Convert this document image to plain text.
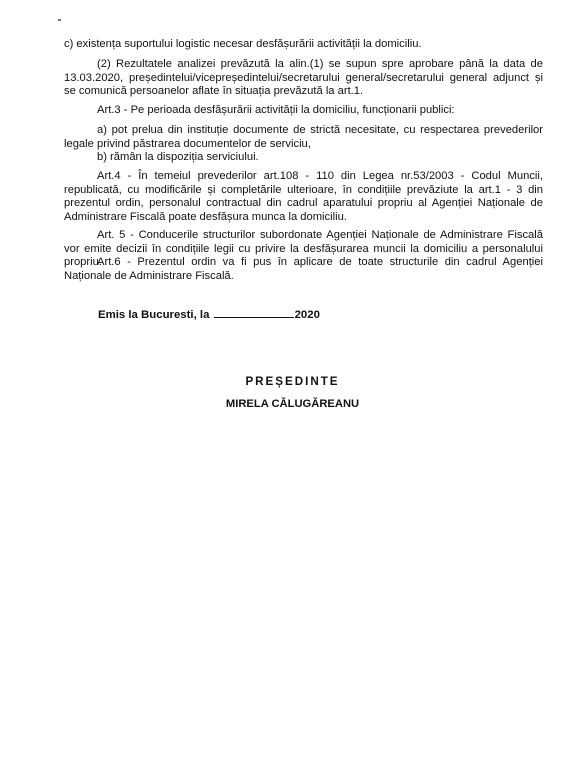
c) existența suportului logistic necesar desfășurării activității la domiciliu.

(2) Rezultatele analizei prevăzută la alin.(1) se supun spre aprobare până la data de 13.03.2020, președintelui/vicepreședintelui/secretarului general/secretarului general adjunct și se comunică persoanelor aflate în situația prevăzută la art.1.

Art.3 - Pe perioada desfășurării activității la domiciliu, funcționarii publici:

a) pot prelua din instituție documente de strictă necesitate, cu respectarea prevederilor legale privind păstrarea documentelor de serviciu,

b) rămân la dispoziția serviciului.

Art.4 - În temeiul prevederilor art.108 - 110 din Legea nr.53/2003 - Codul Muncii, republicată, cu modificările și completările ulterioare, în condițiile prevăziute la art.1 - 3 din prezentul ordin, personalul contractual din cadrul aparatului propriu al Agenției Naționale de Administrare Fiscală poate desfășura munca la domiciliu.

Art. 5 - Conducerile structurilor subordonate Agenției Naționale de Administrare Fiscală vor emite decizii în condițiile legii cu privire la desfășurarea muncii la domiciliu a personalului propriu.

Art.6 - Prezentul ordin va fi pus în aplicare de toate structurile din cadrul Agenției Naționale de Administrare Fiscală.

Emis la Bucuresti, la	2020

PREȘEDINTE

MIRELA CĂLUGĂREANU
